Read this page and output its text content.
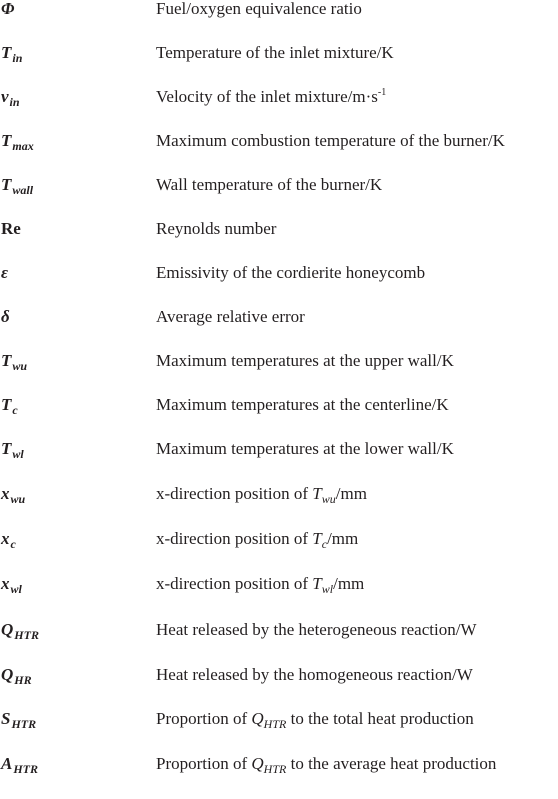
Φ	Fuel/oxygen equivalence ratio
$T_{in}$	Temperature of the inlet mixture/K
$v_{in}$	Velocity of the inlet mixture/$m\cdot s^{-1}$
$T_{max}$	Maximum combustion temperature of the burner/K
$T_{wall}$	Wall temperature of the burner/K
Re	Reynolds number
ε	Emissivity of the cordierite honeycomb
δ	Average relative error
$T_{wu}$	Maximum temperatures at the upper wall/K
$T_c$	Maximum temperatures at the centerline/K
$T_{wl}$	Maximum temperatures at the lower wall/K
$x_{wu}$	x-direction position of $T_{wu}/mm$
$x_c$	x-direction position of $T_c/mm$
$x_{wl}$	x-direction position of $T_{wl}/mm$
$Q_{HTR}$	Heat released by the heterogeneous reaction/W
$Q_{HR}$	Heat released by the homogeneous reaction/W
$S_{HTR}$	Proportion of $Q_{HTR}$ to the total heat production
$A_{HTR}$	Proportion of $Q_{HTR}$ to the average heat production
